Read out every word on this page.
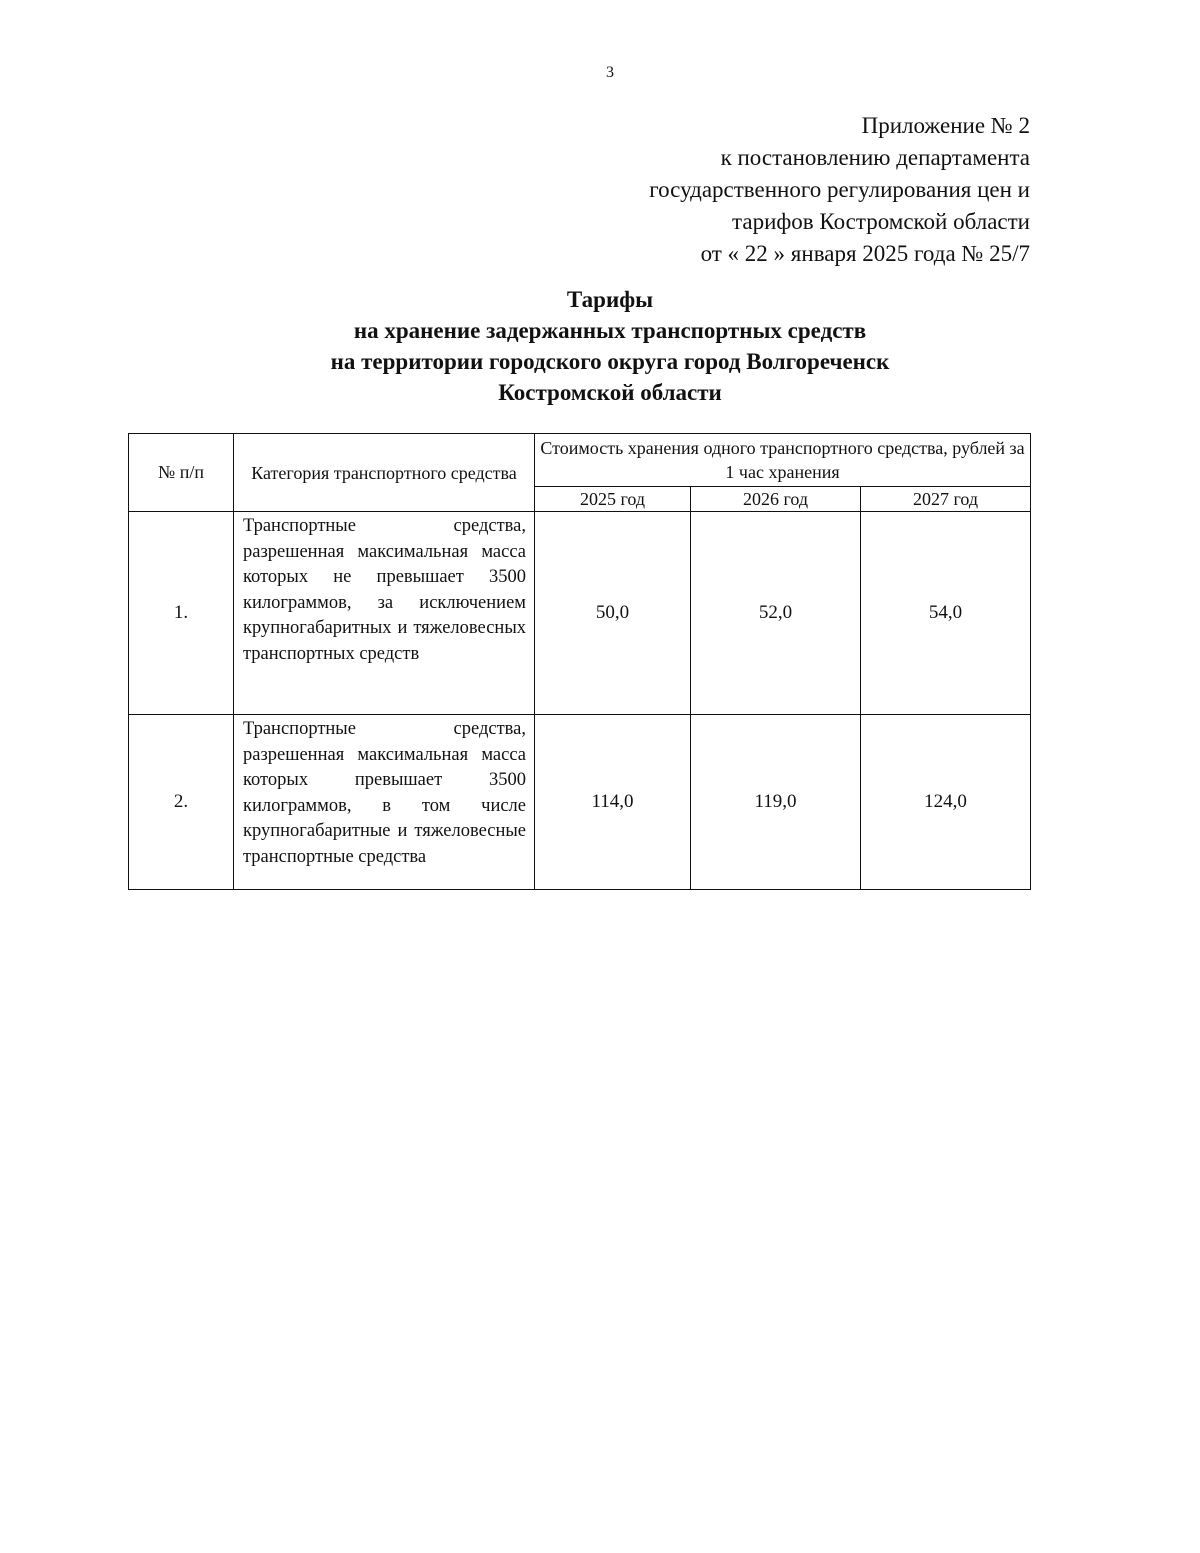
3
Приложение № 2
к постановлению департамента
государственного регулирования цен и
тарифов Костромской области
от « 22 » января 2025 года № 25/7
Тарифы
на хранение задержанных транспортных средств
на территории городского округа город Волгореченск
Костромской области
№ п/п	Категория транспортного средства	Стоимость хранения одного транспортного средства, рублей за 1 час хранения		
		2025 год	2026 год	2027 год
1.	Транспортные средства, разрешенная максимальная масса которых не превышает 3500 килограммов, за исключением крупногабаритных и тяжеловесных транспортных средств	50,0	52,0	54,0
2.	Транспортные средства, разрешенная максимальная масса которых превышает 3500 килограммов, в том числе крупногабаритные и тяжеловесные транспортные средства	114,0	119,0	124,0
